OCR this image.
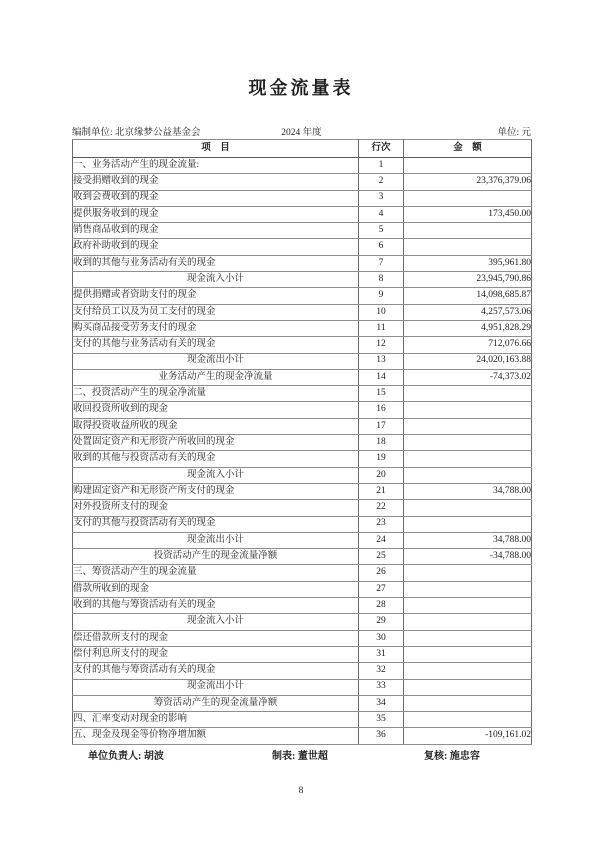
现金流量表
编制单位: 北京缘梦公益基金会	2024 年度	单位: 元
项　目	行次	金　额
一、业务活动产生的现金流量:	1	
接受捐赠收到的现金	2	23,376,379.06
收到会费收到的现金	3	
提供服务收到的现金	4	173,450.00
销售商品收到的现金	5	
政府补助收到的现金	6	
收到的其他与业务活动有关的现金	7	395,961.80
现金流入小计	8	23,945,790.86
提供捐赠或者资助支付的现金	9	14,098,685.87
支付给员工以及为员工支付的现金	10	4,257,573.06
购买商品接受劳务支付的现金	11	4,951,828.29
支付的其他与业务活动有关的现金	12	712,076.66
现金流出小计	13	24,020,163.88
业务活动产生的现金净流量	14	-74,373.02
二、投资活动产生的现金净流量	15	
收回投资所收到的现金	16	
取得投资收益所收的现金	17	
处置固定资产和无形资产所收回的现金	18	
收到的其他与投资活动有关的现金	19	
现金流入小计	20	
购建固定资产和无形资产所支付的现金	21	34,788.00
对外投资所支付的现金	22	
支付的其他与投资活动有关的现金	23	
现金流出小计	24	34,788.00
投资活动产生的现金流量净额	25	-34,788.00
三、筹资活动产生的现金流量	26	
借款所收到的现金	27	
收到的其他与筹资活动有关的现金	28	
现金流入小计	29	
偿还借款所支付的现金	30	
偿付利息所支付的现金	31	
支付的其他与筹资活动有关的现金	32	
现金流出小计	33	
筹资活动产生的现金流量净额	34	
四、汇率变动对现金的影响	35	
五、现金及现金等价物净增加额	36	-109,161.02
单位负责人: 胡波	制表: 董世超	复核: 施忠容
8
